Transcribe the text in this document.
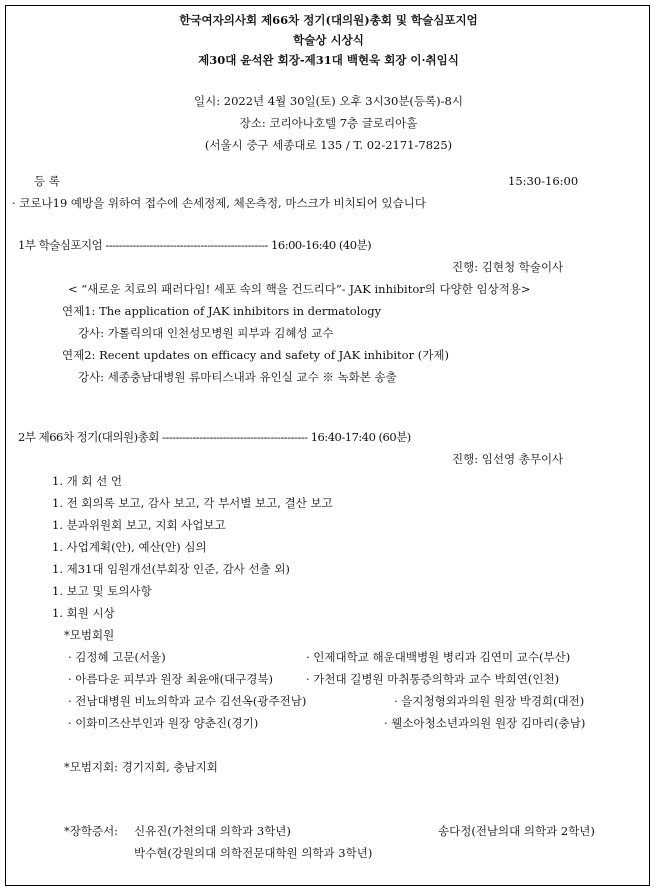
한국여자의사회 제66차 정기(대의원)총회 및 학술심포지엄
학술상 시상식
제30대 윤석완 회장-제31대 백현욱 회장 이·취임식
일시: 2022년 4월 30일(토) 오후 3시30분(등록)-8시
장소: 코리아나호텔 7층 글로리아홀
(서울시 중구 세종대로 135 / T. 02-2171-7825)
등 록	15:30-16:00
· 코로나19 예방을 위하여 접수에 손세정제, 체온측정, 마스크가 비치되어 있습니다
1부 학술심포지엄 ------------------------------------------------ 16:00-16:40 (40분)
진행: 김현청 학술이사
< “새로운 치료의 패러다임! 세포 속의 핵을 건드리다”- JAK inhibitor의 다양한 임상적용>
연제1: The application of JAK inhibitors in dermatology
강사: 가톨릭의대 인천성모병원 피부과 김혜성 교수
연제2: Recent updates on efficacy and safety of JAK inhibitor (가제)
강사: 세종충남대병원 류마티스내과 유인실 교수 ※ 녹화본 송출
2부 제66차 정기(대의원)총회 ------------------------------------------- 16:40-17:40 (60분)
진행: 임선영 총무이사
1. 개 회 선 언
1. 전 회의록 보고, 감사 보고, 각 부서별 보고, 결산 보고
1. 분과위원회 보고, 지회 사업보고
1. 사업계획(안), 예산(안) 심의
1. 제31대 임원개선(부회장 인준, 감사 선출 외)
1. 보고 및 토의사항
1. 회원 시상
*모범회원
· 김정혜 고문(서울)	· 인제대학교 해운대백병원 병리과 김연미 교수(부산)
· 아름다운 피부과 원장 최윤애(대구경북)	· 가천대 길병원 마취통증의학과 교수 박희연(인천)
· 전남대병원 비뇨의학과 교수 김선옥(광주전남)	· 을지청형외과의원 원장 박경희(대전)
· 이화미즈산부인과 원장 양춘진(경기)	· 웰소아청소년과의원 원장 김마리(충남)
*모범지회: 경기지회, 충남지회
*장학증서: 신유진(가천의대 의학과 3학년)	송다정(전남의대 의학과 2학년)
박수현(강원의대 의학전문대학원 의학과 3학년)
